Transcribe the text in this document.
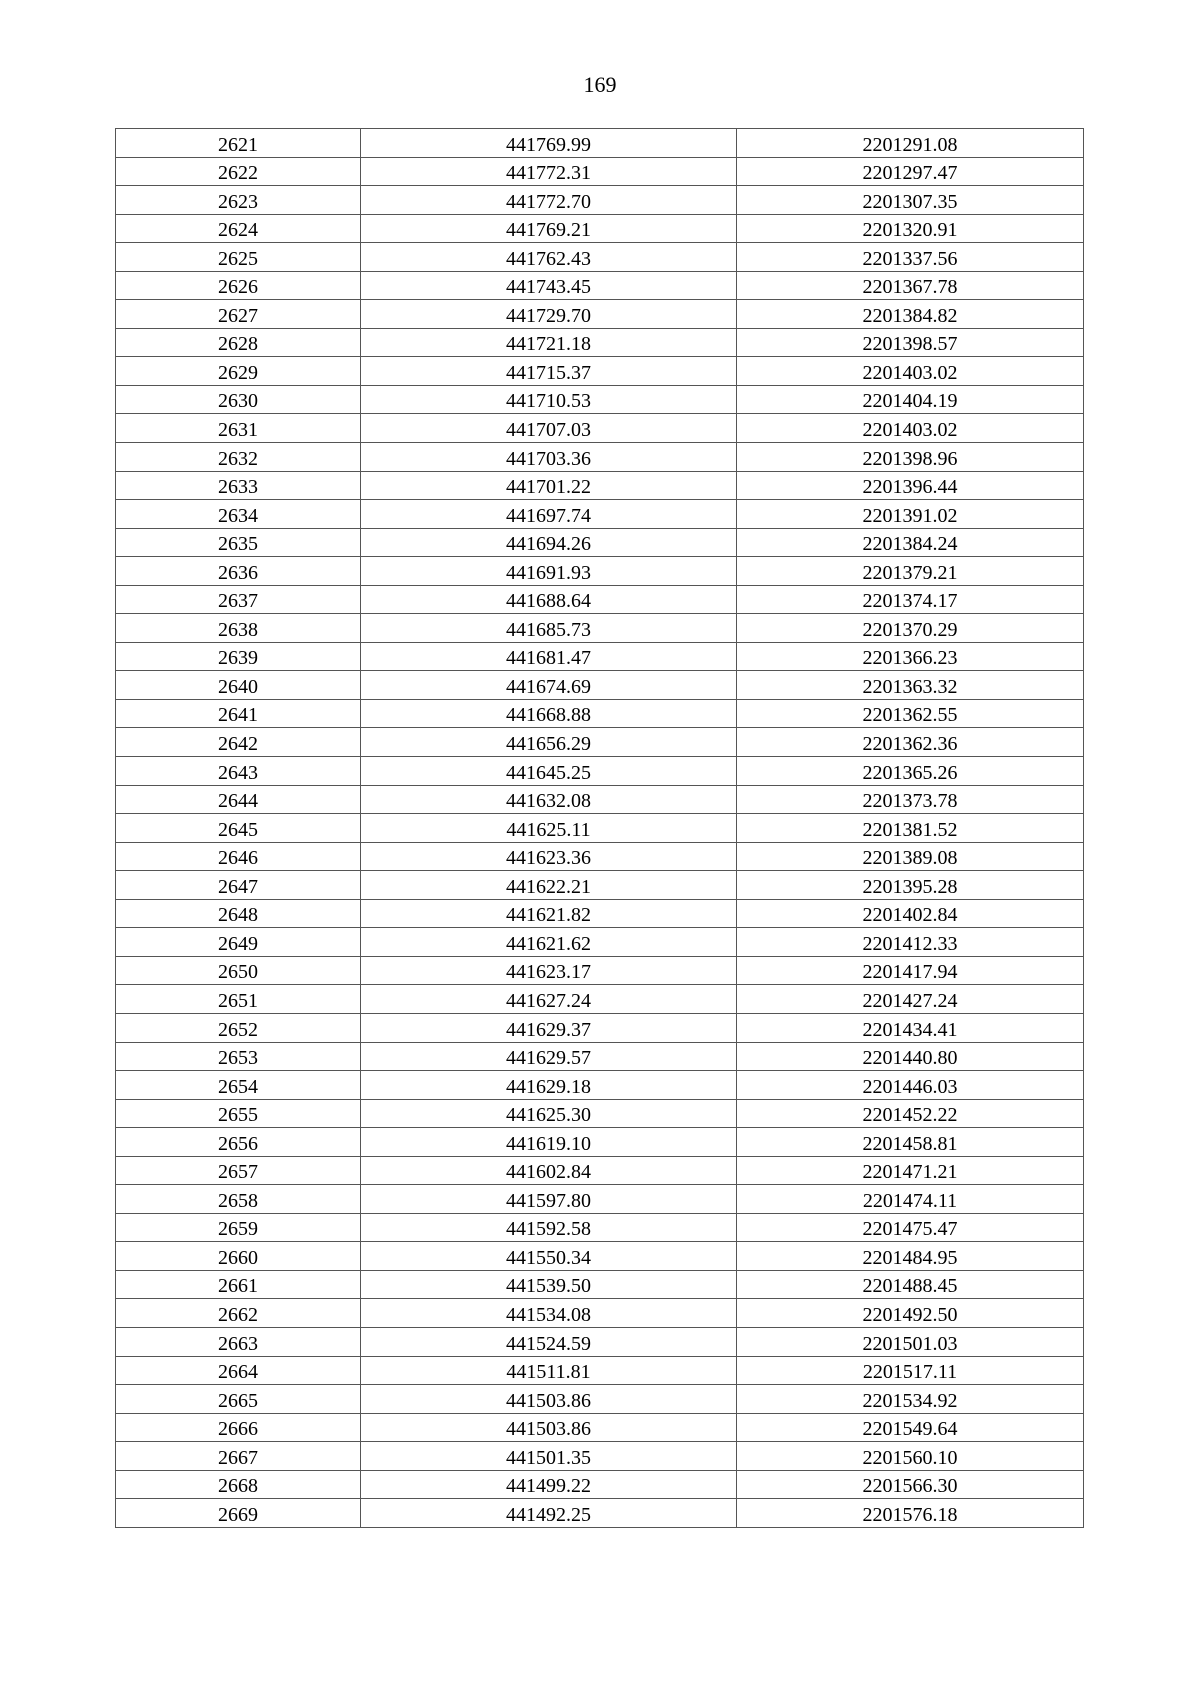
169
2621	441769.99	2201291.08
2622	441772.31	2201297.47
2623	441772.70	2201307.35
2624	441769.21	2201320.91
2625	441762.43	2201337.56
2626	441743.45	2201367.78
2627	441729.70	2201384.82
2628	441721.18	2201398.57
2629	441715.37	2201403.02
2630	441710.53	2201404.19
2631	441707.03	2201403.02
2632	441703.36	2201398.96
2633	441701.22	2201396.44
2634	441697.74	2201391.02
2635	441694.26	2201384.24
2636	441691.93	2201379.21
2637	441688.64	2201374.17
2638	441685.73	2201370.29
2639	441681.47	2201366.23
2640	441674.69	2201363.32
2641	441668.88	2201362.55
2642	441656.29	2201362.36
2643	441645.25	2201365.26
2644	441632.08	2201373.78
2645	441625.11	2201381.52
2646	441623.36	2201389.08
2647	441622.21	2201395.28
2648	441621.82	2201402.84
2649	441621.62	2201412.33
2650	441623.17	2201417.94
2651	441627.24	2201427.24
2652	441629.37	2201434.41
2653	441629.57	2201440.80
2654	441629.18	2201446.03
2655	441625.30	2201452.22
2656	441619.10	2201458.81
2657	441602.84	2201471.21
2658	441597.80	2201474.11
2659	441592.58	2201475.47
2660	441550.34	2201484.95
2661	441539.50	2201488.45
2662	441534.08	2201492.50
2663	441524.59	2201501.03
2664	441511.81	2201517.11
2665	441503.86	2201534.92
2666	441503.86	2201549.64
2667	441501.35	2201560.10
2668	441499.22	2201566.30
2669	441492.25	2201576.18
